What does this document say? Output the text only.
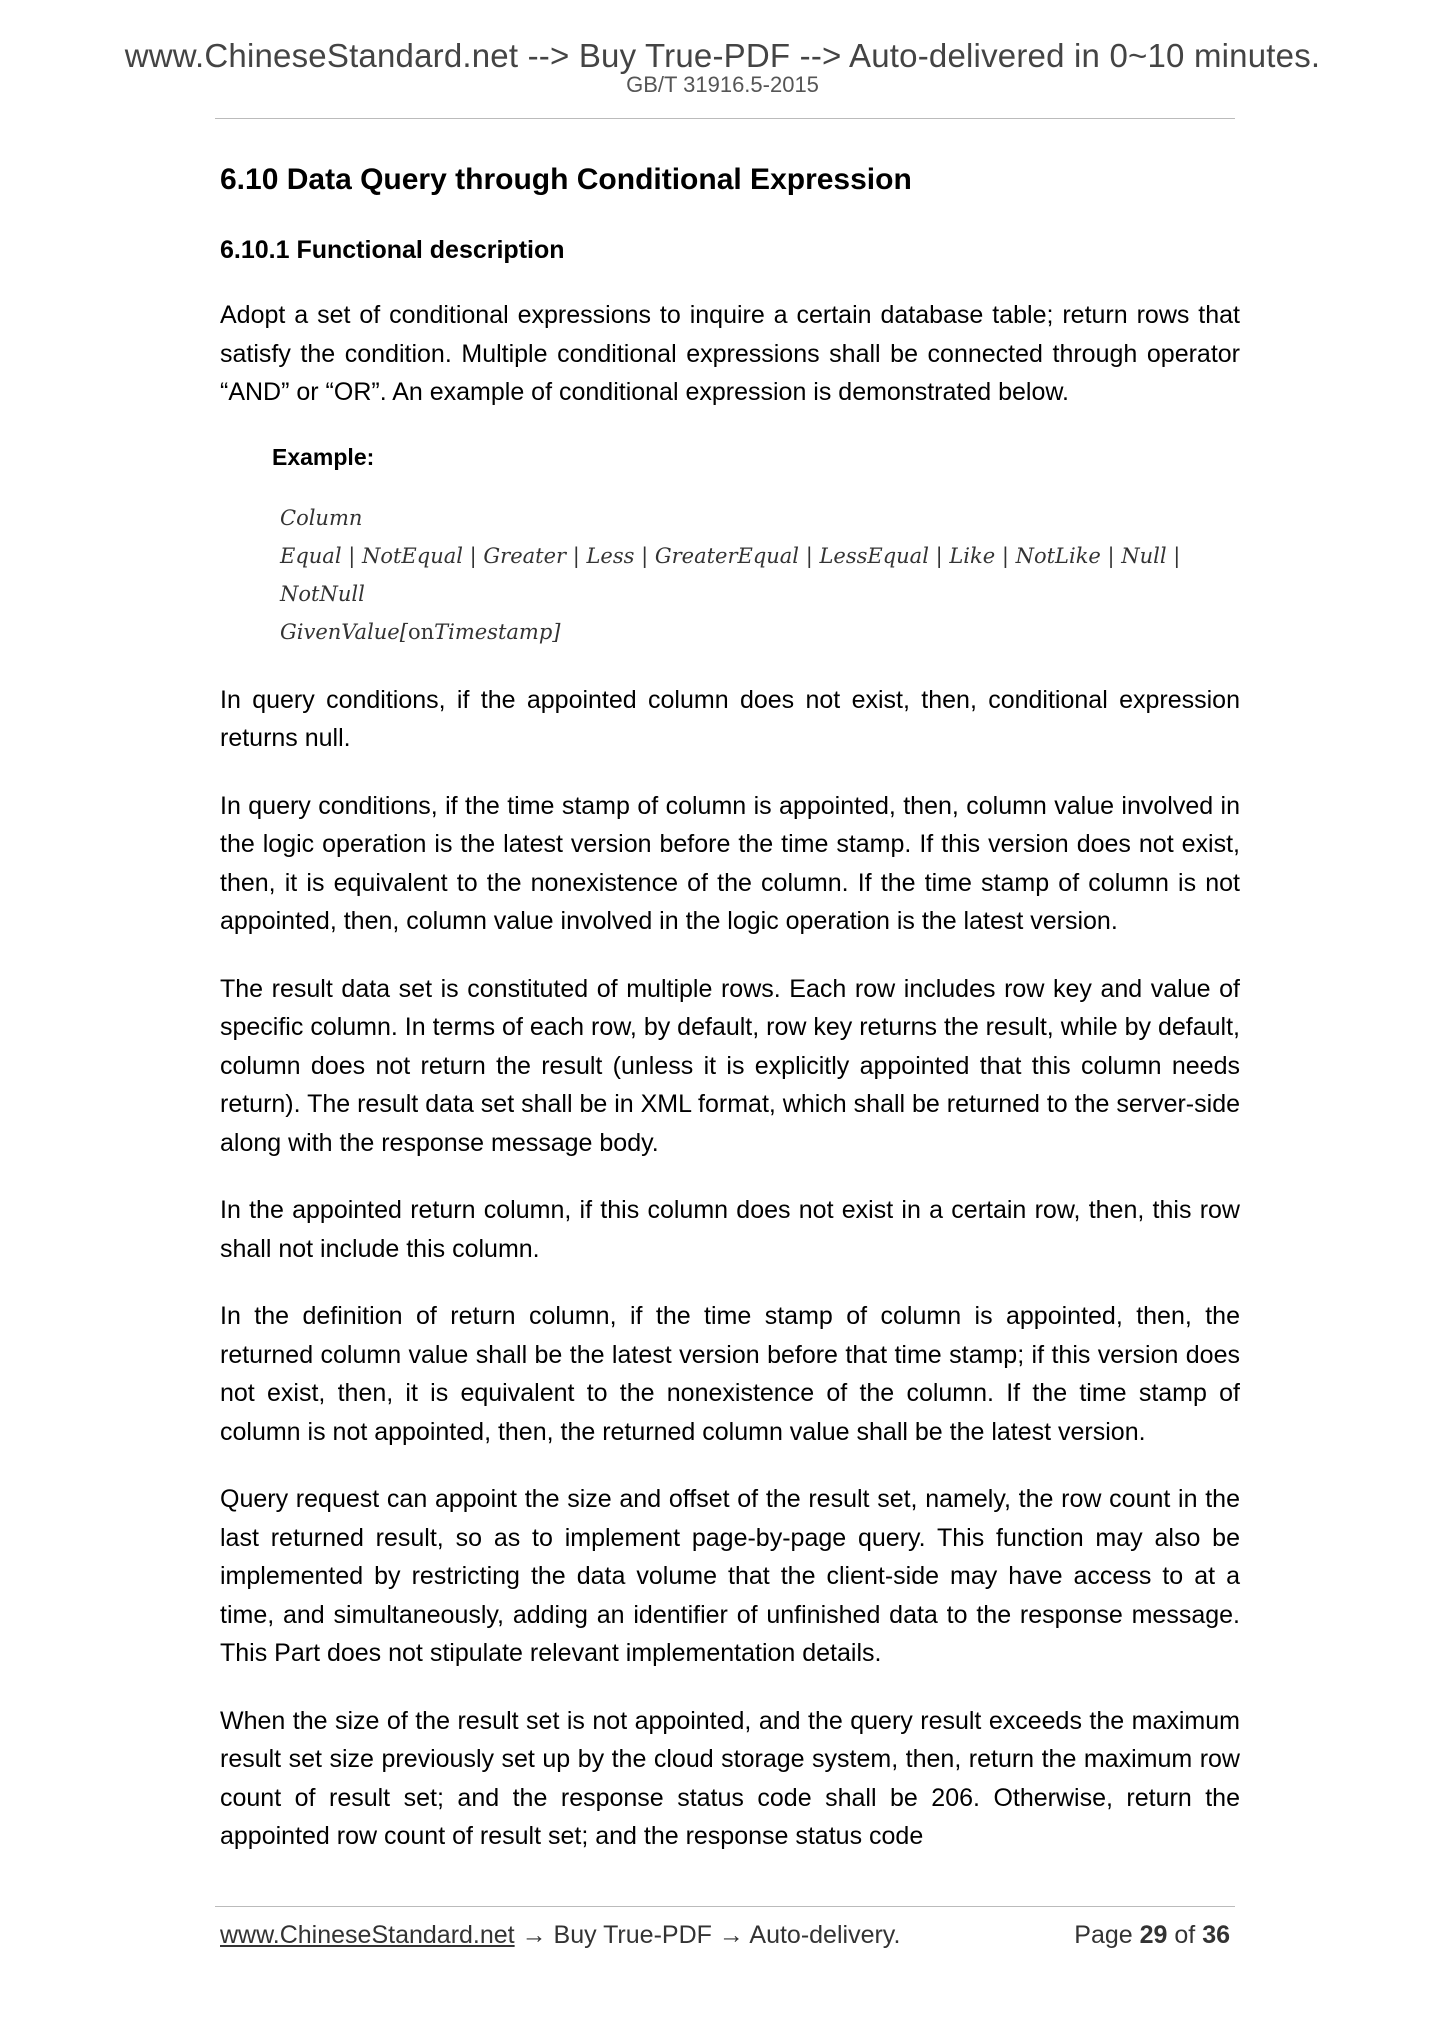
www.ChineseStandard.net --> Buy True-PDF --> Auto-delivered in 0~10 minutes.
GB/T 31916.5-2015
6.10 Data Query through Conditional Expression
6.10.1 Functional description

Adopt a set of conditional expressions to inquire a certain database table; return rows that satisfy the condition. Multiple conditional expressions shall be connected through operator “AND” or “OR”. An example of conditional expression is demonstrated below.

Example:
Column
Equal | NotEqual | Greater | Less | GreaterEqual | LessEqual | Like | NotLike | Null | NotNull
GivenValue[onTimestamp]

In query conditions, if the appointed column does not exist, then, conditional expression returns null.

In query conditions, if the time stamp of column is appointed, then, column value involved in the logic operation is the latest version before the time stamp. If this version does not exist, then, it is equivalent to the nonexistence of the column. If the time stamp of column is not appointed, then, column value involved in the logic operation is the latest version.

The result data set is constituted of multiple rows. Each row includes row key and value of specific column. In terms of each row, by default, row key returns the result, while by default, column does not return the result (unless it is explicitly appointed that this column needs return). The result data set shall be in XML format, which shall be returned to the server-side along with the response message body.

In the appointed return column, if this column does not exist in a certain row, then, this row shall not include this column.

In the definition of return column, if the time stamp of column is appointed, then, the returned column value shall be the latest version before that time stamp; if this version does not exist, then, it is equivalent to the nonexistence of the column. If the time stamp of column is not appointed, then, the returned column value shall be the latest version.

Query request can appoint the size and offset of the result set, namely, the row count in the last returned result, so as to implement page-by-page query. This function may also be implemented by restricting the data volume that the client-side may have access to at a time, and simultaneously, adding an identifier of unfinished data to the response message. This Part does not stipulate relevant implementation details.

When the size of the result set is not appointed, and the query result exceeds the maximum result set size previously set up by the cloud storage system, then, return the maximum row count of result set; and the response status code shall be 206. Otherwise, return the appointed row count of result set; and the response status code

www.ChineseStandard.net → Buy True-PDF → Auto-delivery.	Page 29 of 36
